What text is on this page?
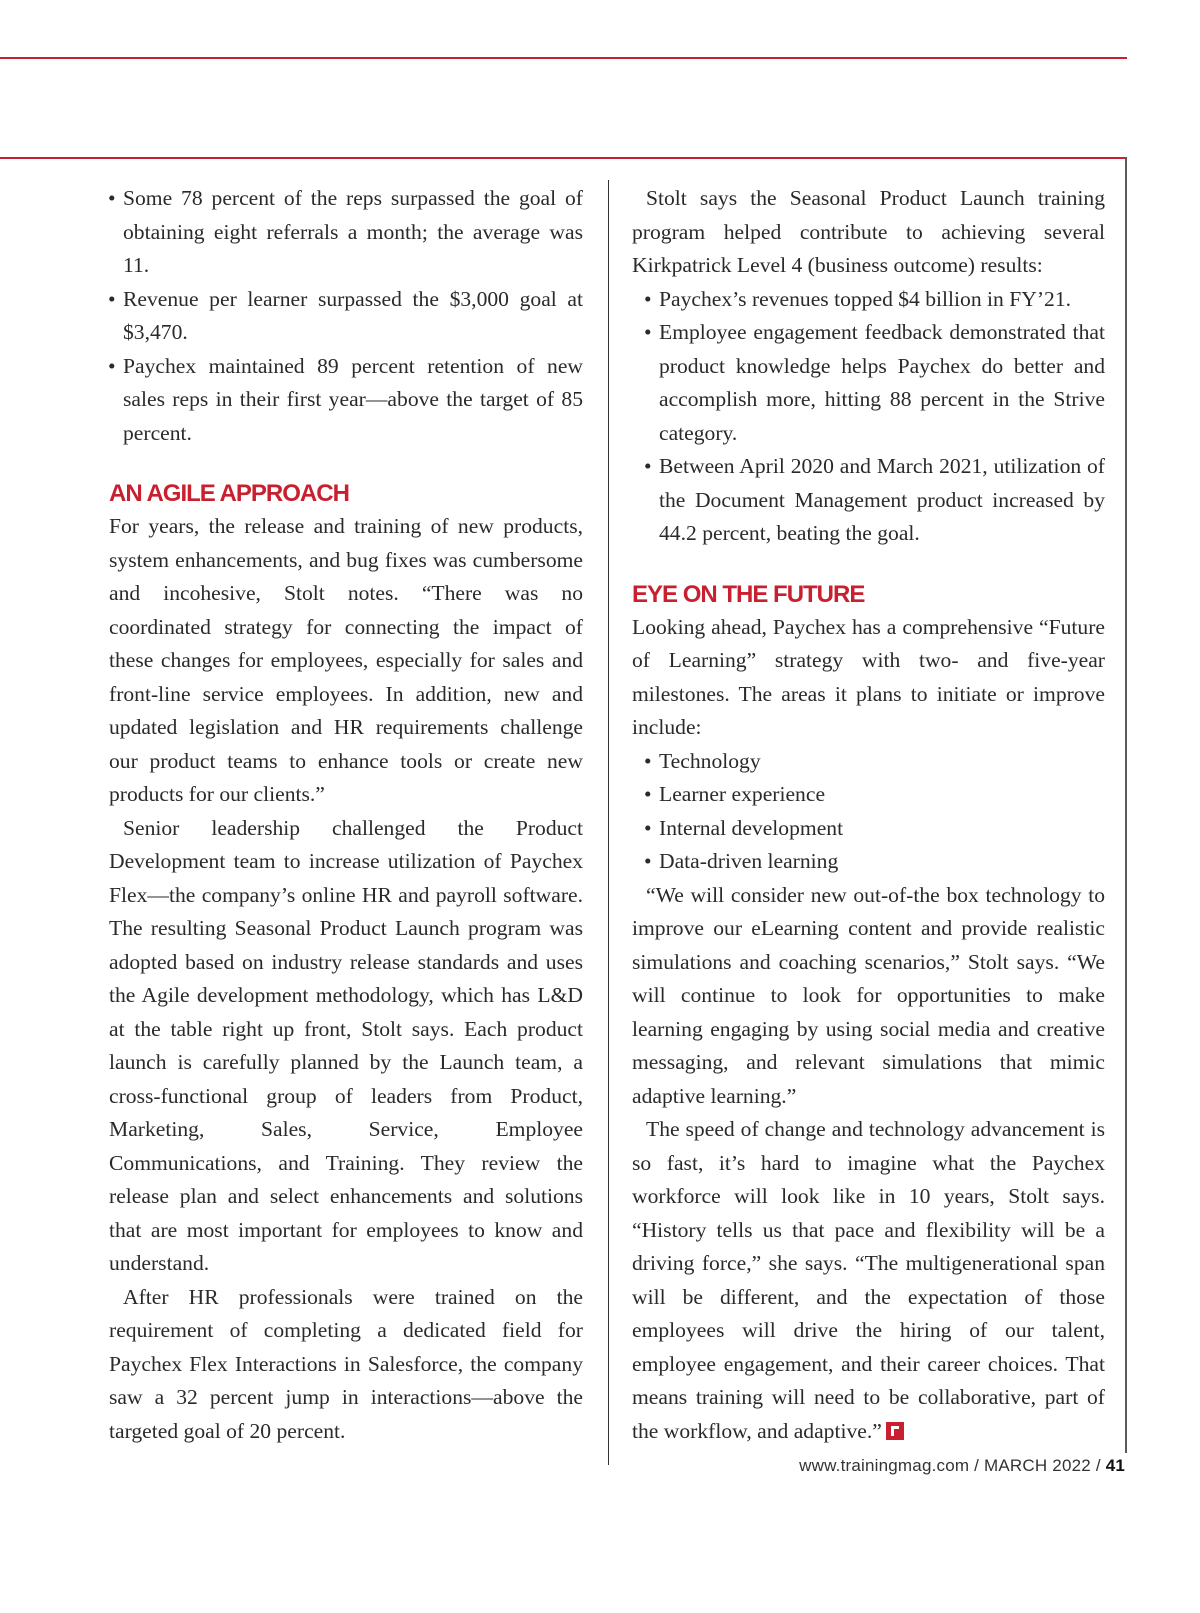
• Some 78 percent of the reps surpassed the goal of obtaining eight referrals a month; the average was 11.
• Revenue per learner surpassed the $3,000 goal at $3,470.
• Paychex maintained 89 percent retention of new sales reps in their first year—above the target of 85 percent.
AN AGILE APPROACH

For years, the release and training of new products, system enhancements, and bug fixes was cumbersome and incohesive, Stolt notes. “There was no coordinated strategy for connecting the impact of these changes for employees, especially for sales and front-line service employees. In addition, new and updated legislation and HR requirements challenge our product teams to enhance tools or create new products for our clients.”

Senior leadership challenged the Product Development team to increase utilization of Paychex Flex—the company’s online HR and payroll software. The resulting Seasonal Product Launch program was adopted based on industry release standards and uses the Agile development methodology, which has L&D at the table right up front, Stolt says. Each product launch is carefully planned by the Launch team, a cross-functional group of leaders from Product, Marketing, Sales, Service, Employee Communications, and Training. They review the release plan and select enhancements and solutions that are most important for employees to know and understand.

After HR professionals were trained on the requirement of completing a dedicated field for Paychex Flex Interactions in Salesforce, the company saw a 32 percent jump in interactions—above the targeted goal of 20 percent.

Stolt says the Seasonal Product Launch training program helped contribute to achieving several Kirkpatrick Level 4 (business outcome) results:

• Paychex’s revenues topped $4 billion in FY’21.
• Employee engagement feedback demonstrated that product knowledge helps Paychex do better and accomplish more, hitting 88 percent in the Strive category.
• Between April 2020 and March 2021, utilization of the Document Management product increased by 44.2 percent, beating the goal.
EYE ON THE FUTURE

Looking ahead, Paychex has a comprehensive “Future of Learning” strategy with two- and five-year milestones. The areas it plans to initiate or improve include:

• Technology
• Learner experience
• Internal development
• Data-driven learning

“We will consider new out-of-the box technology to improve our eLearning content and provide realistic simulations and coaching scenarios,” Stolt says. “We will continue to look for opportunities to make learning engaging by using social media and creative messaging, and relevant simulations that mimic adaptive learning.”

The speed of change and technology advancement is so fast, it’s hard to imagine what the Paychex workforce will look like in 10 years, Stolt says. “History tells us that pace and flexibility will be a driving force,” she says. “The multigenerational span will be different, and the expectation of those employees will drive the hiring of our talent, employee engagement, and their career choices. That means training will need to be collaborative, part of the workflow, and adaptive.”

www.trainingmag.com / MARCH 2022 / 41
